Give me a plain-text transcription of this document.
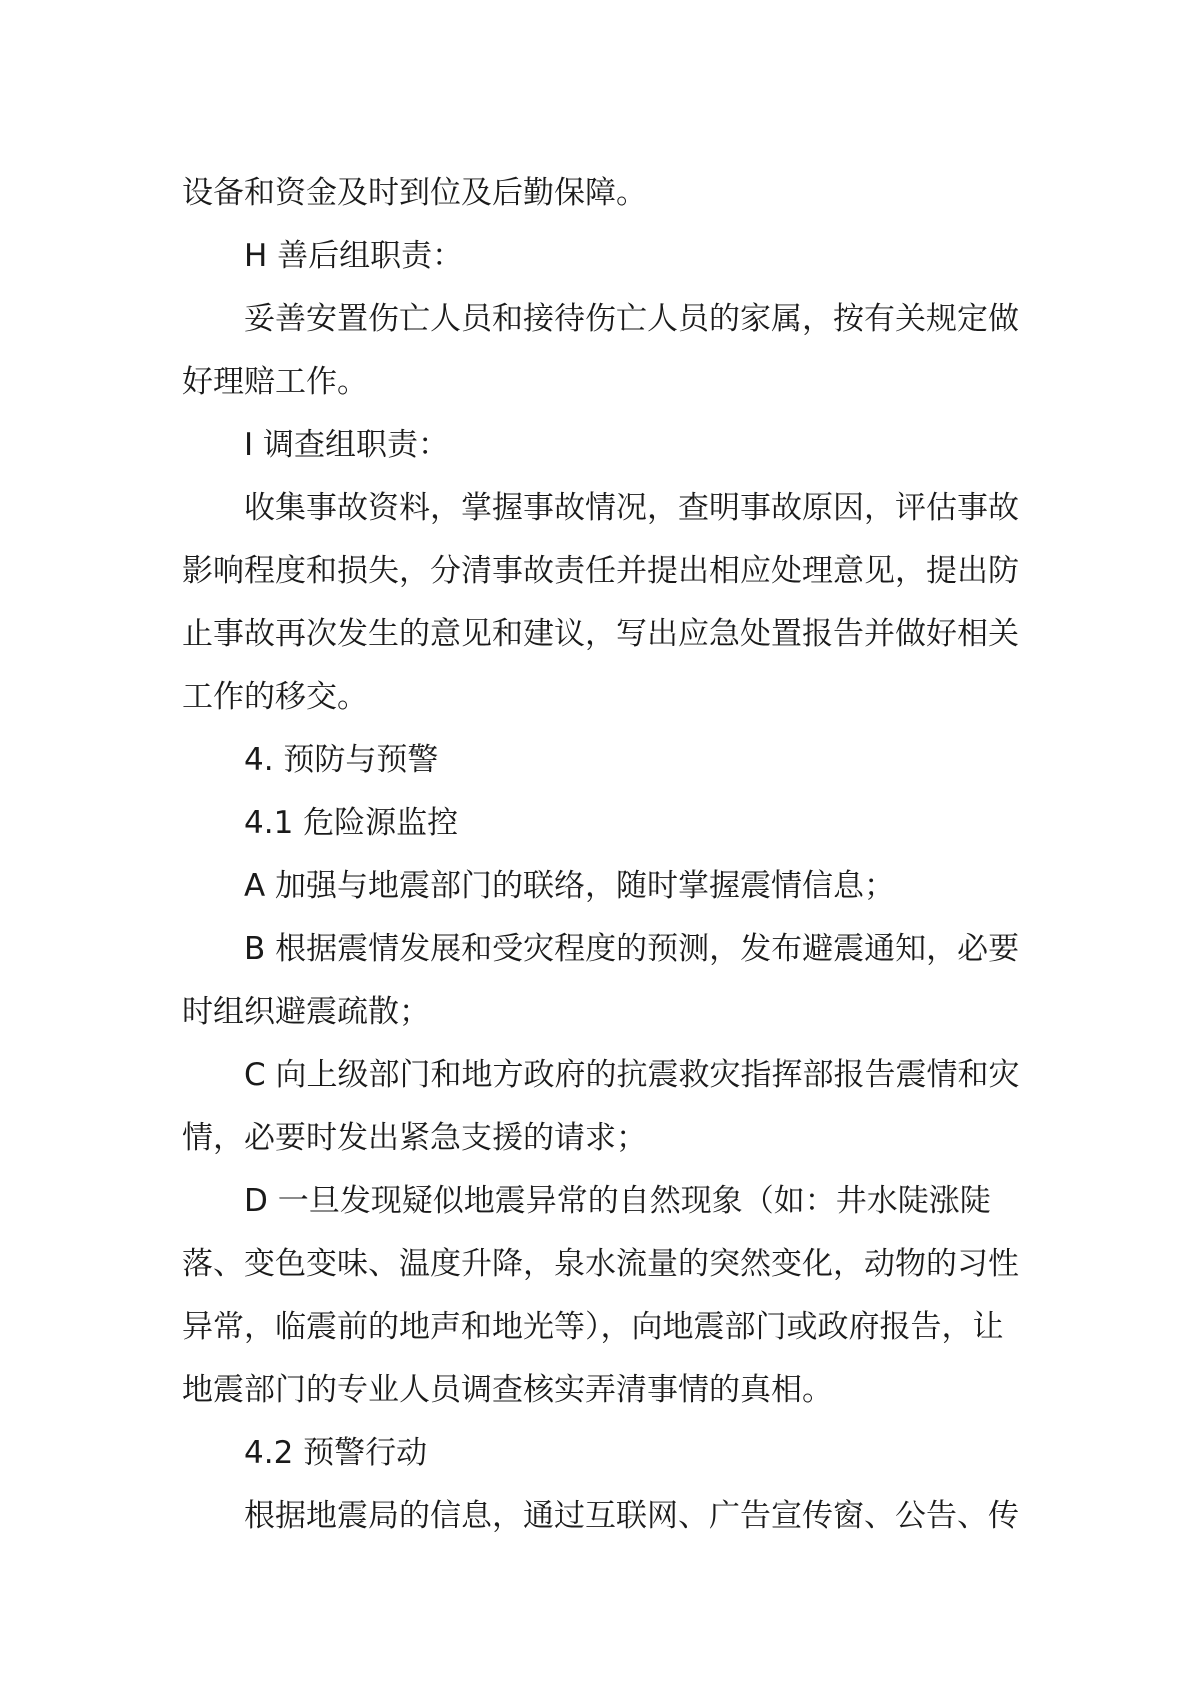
设备和资金及时到位及后勤保障。

H 善后组职责：

妥善安置伤亡人员和接待伤亡人员的家属，按有关规定做好理赔工作。

I 调查组职责：

收集事故资料，掌握事故情况，查明事故原因，评估事故影响程度和损失，分清事故责任并提出相应处理意见，提出防止事故再次发生的意见和建议，写出应急处置报告并做好相关工作的移交。

4. 预防与预警

4.1 危险源监控

A 加强与地震部门的联络，随时掌握震情信息；

B 根据震情发展和受灾程度的预测，发布避震通知，必要时组织避震疏散；

C 向上级部门和地方政府的抗震救灾指挥部报告震情和灾情，必要时发出紧急支援的请求；

D 一旦发现疑似地震异常的自然现象（如：井水陡涨陡落、变色变味、温度升降，泉水流量的突然变化，动物的习性异常，临震前的地声和地光等），向地震部门或政府报告，让地震部门的专业人员调查核实弄清事情的真相。

4.2 预警行动

根据地震局的信息，通过互联网、广告宣传窗、公告、传
